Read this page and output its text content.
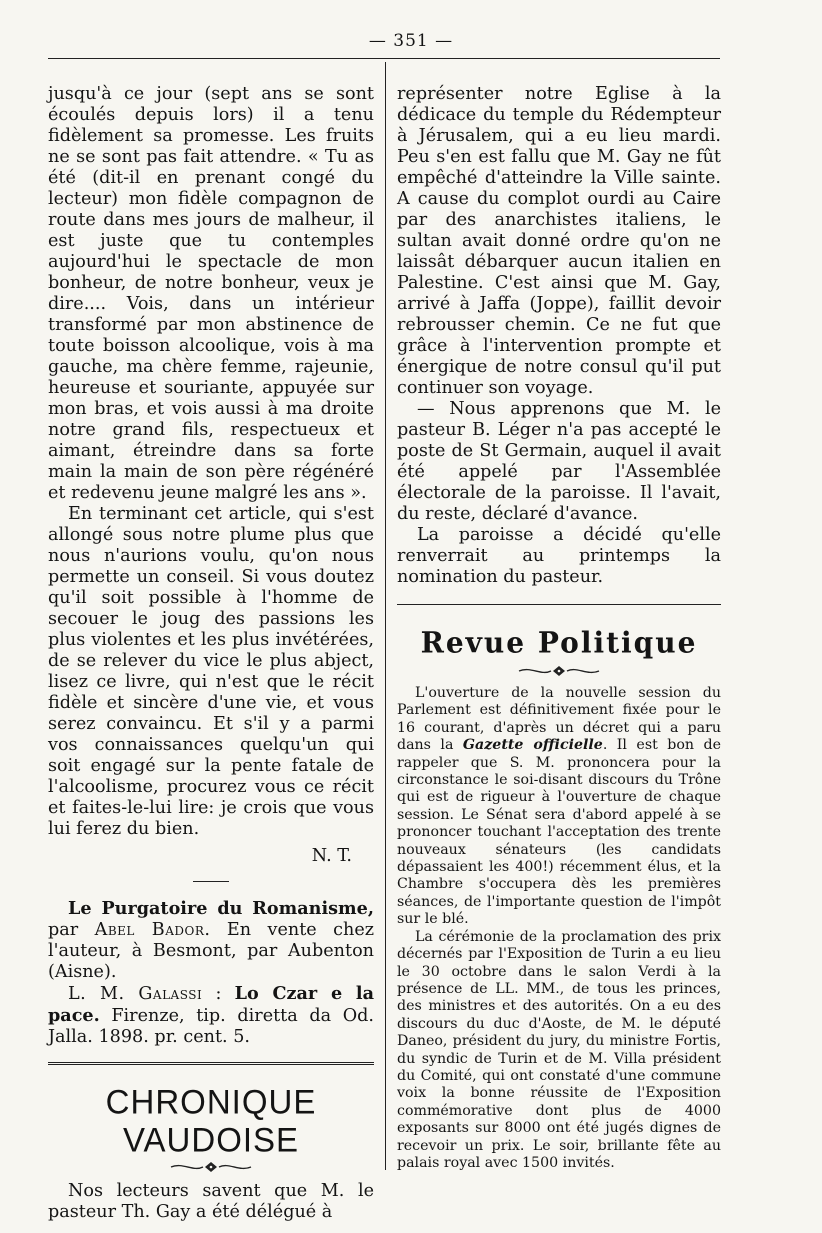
— 351 —

jusqu'à ce jour (sept ans se sont écoulés depuis lors) il a tenu fidèlement sa promesse. Les fruits ne se sont pas fait attendre. « Tu as été (dit-il en prenant congé du lecteur) mon fidèle compagnon de route dans mes jours de malheur, il est juste que tu contemples aujourd'hui le spectacle de mon bonheur, de notre bonheur, veux je dire.... Vois, dans un intérieur transformé par mon abstinence de toute boisson alcoolique, vois à ma gauche, ma chère femme, rajeunie, heureuse et souriante, appuyée sur mon bras, et vois aussi à ma droite notre grand fils, respectueux et aimant, étreindre dans sa forte main la main de son père régénéré et redevenu jeune malgré les ans ».

En terminant cet article, qui s'est allongé sous notre plume plus que nous n'aurions voulu, qu'on nous permette un conseil. Si vous doutez qu'il soit possible à l'homme de secouer le joug des passions les plus violentes et les plus invétérées, de se relever du vice le plus abject, lisez ce livre, qui n'est que le récit fidèle et sincère d'une vie, et vous serez convaincu. Et s'il y a parmi vos connaissances quelqu'un qui soit engagé sur la pente fatale de l'alcoolisme, procurez vous ce récit et faites-le-lui lire: je crois que vous lui ferez du bien.

N. T.

Le Purgatoire du Romanisme, par Abel Bador. En vente chez l'auteur, à Besmont, par Aubenton (Aisne).

L. M. Galassi : Lo Czar e la pace. Firenze, tip. diretta da Od. Jalla. 1898. pr. cent. 5.

CHRONIQUE VAUDOISE

Nos lecteurs savent que M. le pasteur Th. Gay a été délégué à

représenter notre Eglise à la dédicace du temple du Rédempteur à Jérusalem, qui a eu lieu mardi. Peu s'en est fallu que M. Gay ne fût empêché d'atteindre la Ville sainte. A cause du complot ourdi au Caire par des anarchistes italiens, le sultan avait donné ordre qu'on ne laissât débarquer aucun italien en Palestine. C'est ainsi que M. Gay, arrivé à Jaffa (Joppe), faillit devoir rebrousser chemin. Ce ne fut que grâce à l'intervention prompte et énergique de notre consul qu'il put continuer son voyage.

— Nous apprenons que M. le pasteur B. Léger n'a pas accepté le poste de St Germain, auquel il avait été appelé par l'Assemblée électorale de la paroisse. Il l'avait, du reste, déclaré d'avance.

La paroisse a décidé qu'elle renverrait au printemps la nomination du pasteur.

Revue Politique

L'ouverture de la nouvelle session du Parlement est définitivement fixée pour le 16 courant, d'après un décret qui a paru dans la Gazette officielle. Il est bon de rappeler que S. M. prononcera pour la circonstance le soi-disant discours du Trône qui est de rigueur à l'ouverture de chaque session. Le Sénat sera d'abord appelé à se prononcer touchant l'acceptation des trente nouveaux sénateurs (les candidats dépassaient les 400!) récemment élus, et la Chambre s'occupera dès les premières séances, de l'importante question de l'impôt sur le blé.

La cérémonie de la proclamation des prix décernés par l'Exposition de Turin a eu lieu le 30 octobre dans le salon Verdi à la présence de LL. MM., de tous les princes, des ministres et des autorités. On a eu des discours du duc d'Aoste, de M. le député Daneo, président du jury, du ministre Fortis, du syndic de Turin et de M. Villa président du Comité, qui ont constaté d'une commune voix la bonne réussite de l'Exposition commémorative dont plus de 4000 exposants sur 8000 ont été jugés dignes de recevoir un prix. Le soir, brillante fête au palais royal avec 1500 invités.
